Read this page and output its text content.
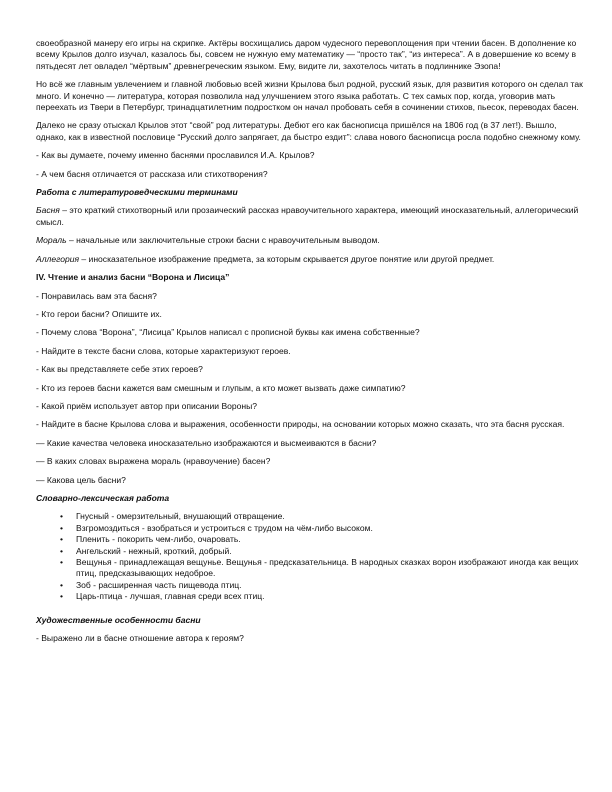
своеобразной манеру его игры на скрипке. Актёры восхищались даром чудесного перевоплощения при чтении басен. В дополнение ко всему Крылов долго изучал, казалось бы, совсем не нужную ему математику — “просто так”, “из интереса”. А в довершение ко всему в пятьдесят лет овладел “мёртвым” древнегреческим языком. Ему, видите ли, захотелось читать в подлиннике Эзопа!

Но всё же главным увлечением и главной любовью всей жизни Крылова был родной, русский язык, для развития которого он сделал так много. И конечно — литература, которая позволила над улучшением этого языка работать. С тех самых пор, когда, уговорив мать переехать из Твери в Петербург, тринадцатилетним подростком он начал пробовать себя в сочинении стихов, пьесок, переводах басен.

Далеко не сразу отыскал Крылов этот “свой” род литературы. Дебют его как баснописца пришёлся на 1806 год (в 37 лет!). Вышло, однако, как в известной пословице “Русский долго запрягает, да быстро ездит”: слава нового баснописца росла подобно снежному кому.

- Как вы думаете, почему именно баснями прославился И.А. Крылов?

- А чем басня отличается от рассказа или стихотворения?

Работа с литературоведческими терминами

Басня – это краткий стихотворный или прозаический рассказ нравоучительного характера, имеющий иносказательный, аллегорический смысл.

Мораль – начальные или заключительные строки басни с нравоучительным выводом.

Аллегория – иносказательное изображение предмета, за которым скрывается другое понятие или другой предмет.

IV. Чтение и анализ басни “Ворона и Лисица”

- Понравилась вам эта басня?

- Кто герои басни? Опишите их.

- Почему слова “Ворона”, “Лисица” Крылов написал с прописной буквы как имена собственные?

- Найдите в тексте басни слова, которые характеризуют героев.

- Как вы представляете себе этих героев?

- Кто из героев басни кажется вам смешным и глупым, а кто может вызвать даже симпатию?

- Какой приём использует автор при описании Вороны?

- Найдите в басне Крылова слова и выражения, особенности природы, на основании которых можно сказать, что эта басня русская.

— Какие качества человека иносказательно изображаются и высмеиваются в басни?

— В каких словах выражена мораль (нравоучение) басен?

— Какова цель басни?

Словарно-лексическая работа
• Гнусный - омерзительный, внушающий отвращение.
• Взгромоздиться - взобраться и устроиться с трудом на чём-либо высоком.
• Пленить - покорить чем-либо, очаровать.
• Ангельский - нежный, кроткий, добрый.
• Вещунья - принадлежащая вещунье. Вещунья - предсказательница. В народных сказках ворон изображают иногда как вещих птиц, предсказывающих недоброе.
• Зоб - расширенная часть пищевода птиц.
• Царь-птица - лучшая, главная среди всех птиц.
Художественные особенности басни

- Выражено ли в басне отношение автора к героям?
